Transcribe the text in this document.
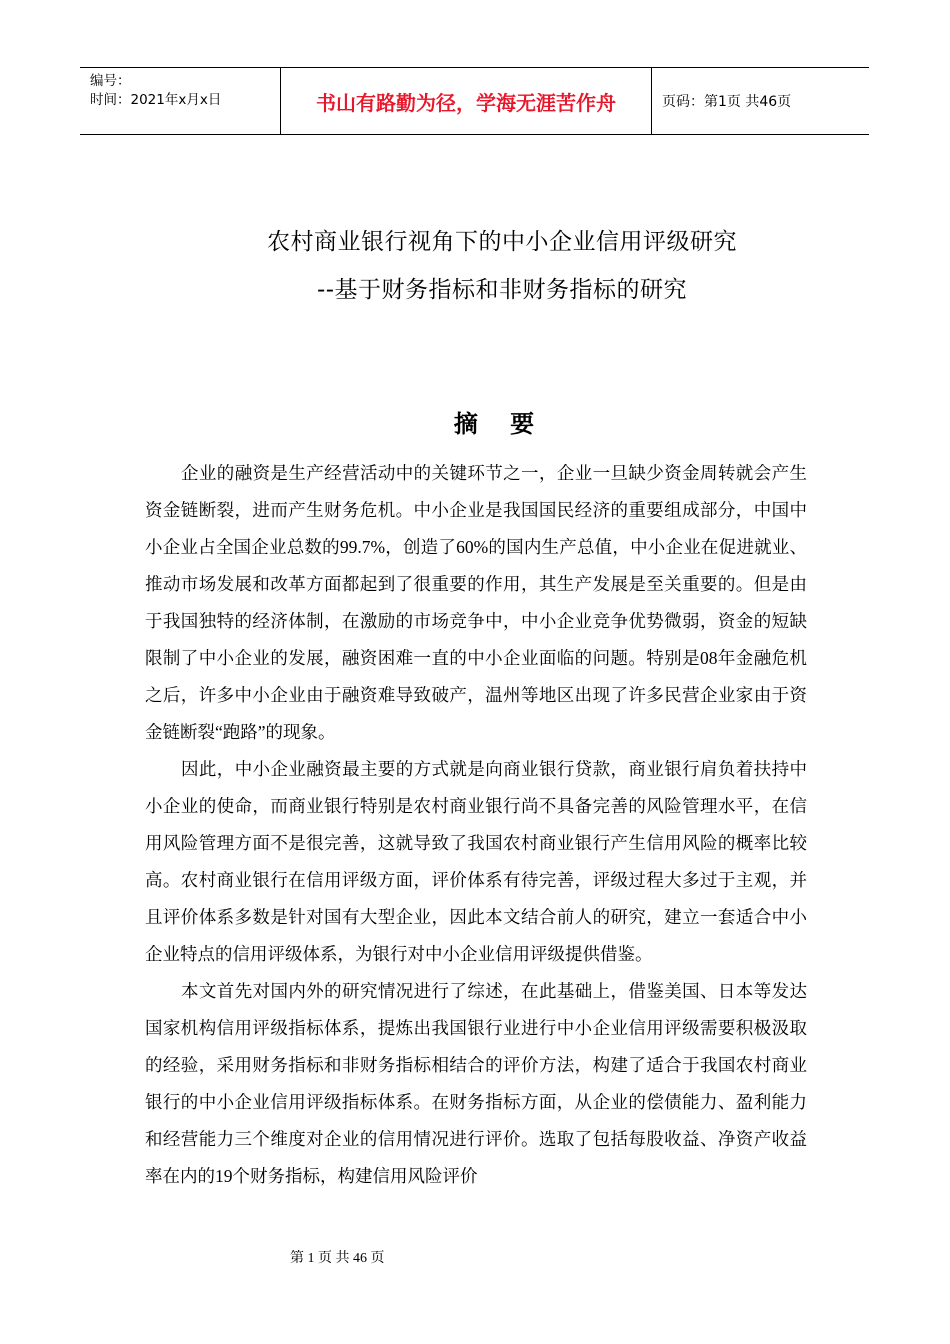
编号：
时间：2021年x月x日	书山有路勤为径，学海无涯苦作舟	页码：第1页 共46页
农村商业银行视角下的中小企业信用评级研究
--基于财务指标和非财务指标的研究
摘 要

企业的融资是生产经营活动中的关键环节之一，企业一旦缺少资金周转就会产生资金链断裂，进而产生财务危机。中小企业是我国国民经济的重要组成部分，中国中小企业占全国企业总数的99.7%，创造了60%的国内生产总值，中小企业在促进就业、推动市场发展和改革方面都起到了很重要的作用，其生产发展是至关重要的。但是由于我国独特的经济体制，在激励的市场竞争中，中小企业竞争优势微弱，资金的短缺限制了中小企业的发展，融资困难一直的中小企业面临的问题。特别是08年金融危机之后，许多中小企业由于融资难导致破产，温州等地区出现了许多民营企业家由于资金链断裂“跑路”的现象。

因此，中小企业融资最主要的方式就是向商业银行贷款，商业银行肩负着扶持中小企业的使命，而商业银行特别是农村商业银行尚不具备完善的风险管理水平，在信用风险管理方面不是很完善，这就导致了我国农村商业银行产生信用风险的概率比较高。农村商业银行在信用评级方面，评价体系有待完善，评级过程大多过于主观，并且评价体系多数是针对国有大型企业，因此本文结合前人的研究，建立一套适合中小企业特点的信用评级体系，为银行对中小企业信用评级提供借鉴。

本文首先对国内外的研究情况进行了综述，在此基础上，借鉴美国、日本等发达国家机构信用评级指标体系，提炼出我国银行业进行中小企业信用评级需要积极汲取的经验，采用财务指标和非财务指标相结合的评价方法，构建了适合于我国农村商业银行的中小企业信用评级指标体系。在财务指标方面，从企业的偿债能力、盈利能力和经营能力三个维度对企业的信用情况进行评价。选取了包括每股收益、净资产收益率在内的19个财务指标，构建信用风险评价

第 1 页 共 46 页
